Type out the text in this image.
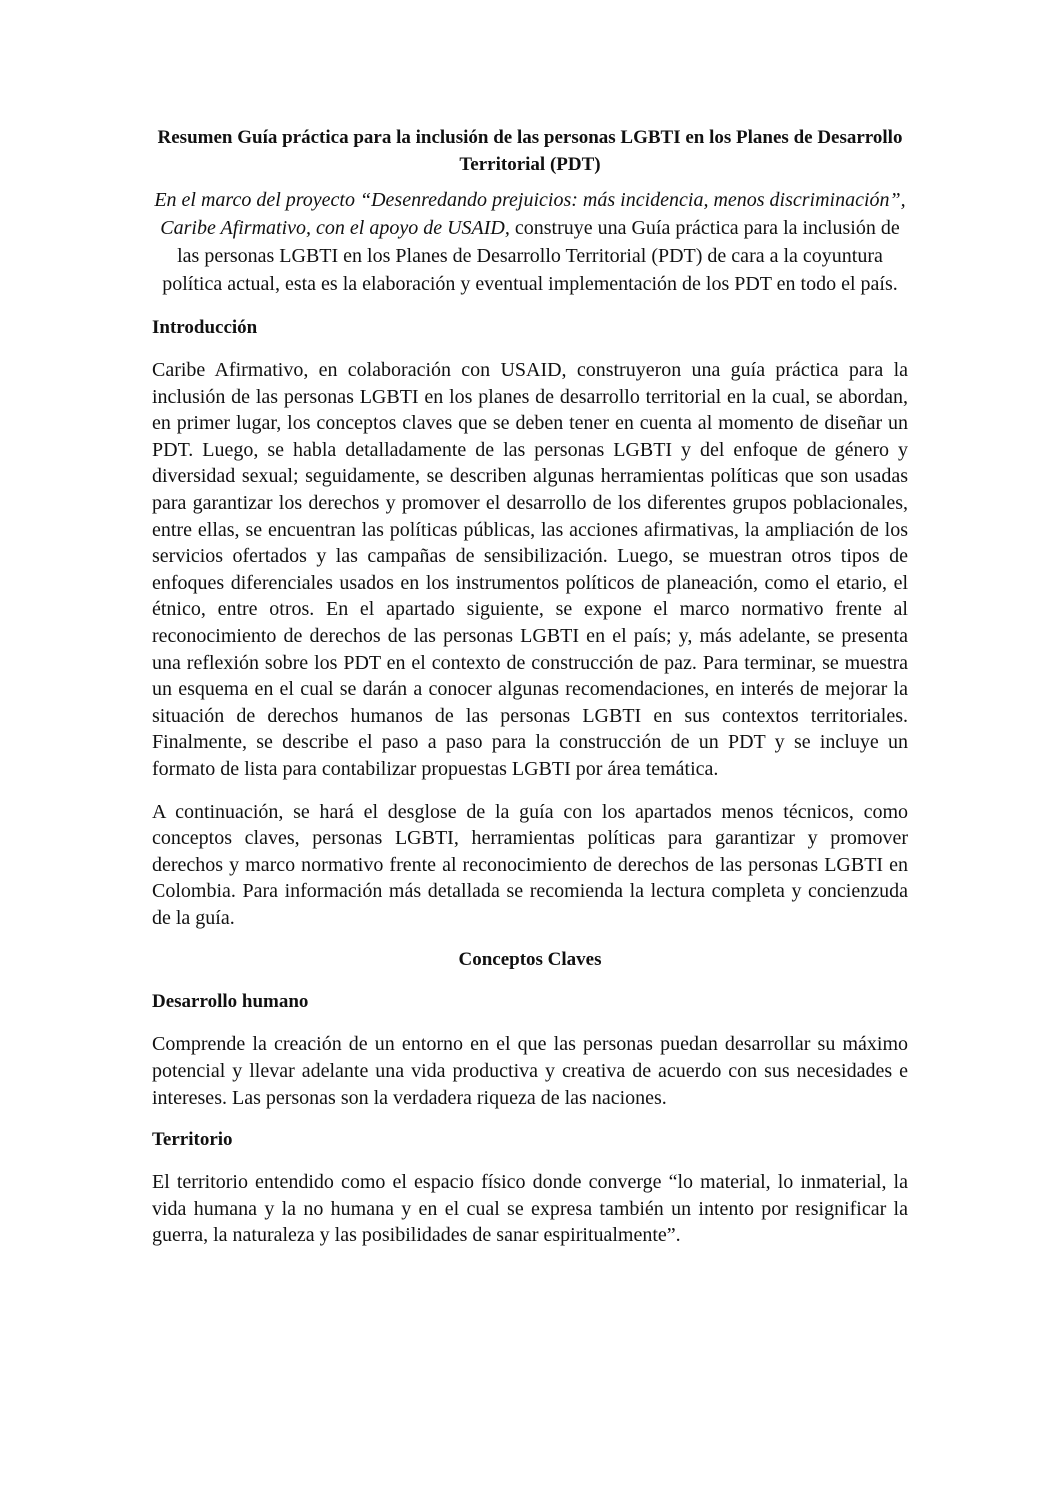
Resumen Guía práctica para la inclusión de las personas LGBTI en los Planes de Desarrollo Territorial (PDT)

En el marco del proyecto “Desenredando prejuicios: más incidencia, menos discriminación”, Caribe Afirmativo, con el apoyo de USAID, construye una Guía práctica para la inclusión de las personas LGBTI en los Planes de Desarrollo Territorial (PDT) de cara a la coyuntura política actual, esta es la elaboración y eventual implementación de los PDT en todo el país.

Introducción

Caribe Afirmativo, en colaboración con USAID, construyeron una guía práctica para la inclusión de las personas LGBTI en los planes de desarrollo territorial en la cual, se abordan, en primer lugar, los conceptos claves que se deben tener en cuenta al momento de diseñar un PDT. Luego, se habla detalladamente de las personas LGBTI y del enfoque de género y diversidad sexual; seguidamente, se describen algunas herramientas políticas que son usadas para garantizar los derechos y promover el desarrollo de los diferentes grupos poblacionales, entre ellas, se encuentran las políticas públicas, las acciones afirmativas, la ampliación de los servicios ofertados y las campañas de sensibilización. Luego, se muestran otros tipos de enfoques diferenciales usados en los instrumentos políticos de planeación, como el etario, el étnico, entre otros. En el apartado siguiente, se expone el marco normativo frente al reconocimiento de derechos de las personas LGBTI en el país; y, más adelante, se presenta una reflexión sobre los PDT en el contexto de construcción de paz. Para terminar, se muestra un esquema en el cual se darán a conocer algunas recomendaciones, en interés de mejorar la situación de derechos humanos de las personas LGBTI en sus contextos territoriales. Finalmente, se describe el paso a paso para la construcción de un PDT y se incluye un formato de lista para contabilizar propuestas LGBTI por área temática.

A continuación, se hará el desglose de la guía con los apartados menos técnicos, como conceptos claves, personas LGBTI, herramientas políticas para garantizar y promover derechos y marco normativo frente al reconocimiento de derechos de las personas LGBTI en Colombia. Para información más detallada se recomienda la lectura completa y concienzuda de la guía.

Conceptos Claves
Desarrollo humano

Comprende la creación de un entorno en el que las personas puedan desarrollar su máximo potencial y llevar adelante una vida productiva y creativa de acuerdo con sus necesidades e intereses. Las personas son la verdadera riqueza de las naciones.

Territorio

El territorio entendido como el espacio físico donde converge “lo material, lo inmaterial, la vida humana y la no humana y en el cual se expresa también un intento por resignificar la guerra, la naturaleza y las posibilidades de sanar espiritualmente”.
